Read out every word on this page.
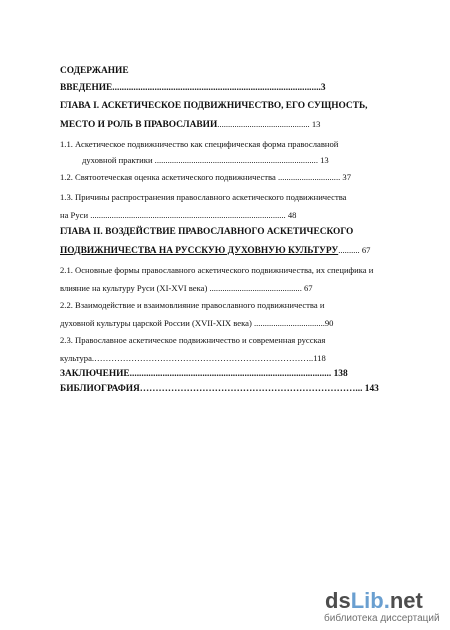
СОДЕРЖАНИЕ
ВВЕДЕНИЕ.........................................................................................3
ГЛАВА I. АСКЕТИЧЕСКОЕ ПОДВИЖНИЧЕСТВО, ЕГО СУЩНОСТЬ,
МЕСТО И РОЛЬ В ПРАВОСЛАВИИ........................................... 13
1.1. Аскетическое подвижничество как специфическая форма православной
духовной практики ............................................................................ 13
1.2. Святоотеческая оценка аскетического подвижничества ............................. 37
1.3. Причины распространения православного аскетического подвижничества
на Руси ........................................................................................... 48
ГЛАВА II. ВОЗДЕЙСТВИЕ ПРАВОСЛАВНОГО АСКЕТИЧЕСКОГО
ПОДВИЖНИЧЕСТВА НА РУССКУЮ ДУХОВНУЮ КУЛЬТУРУ.......... 67
2.1. Основные формы православного аскетического подвижничества, их специфика и
влияние на культуру Руси (XI-XVI века) ........................................... 67
2.2. Взаимодействие и взаимовлияние православного подвижничества и
духовной культуры царской России (XVII-XIX века) .................................90
2.3. Православное аскетическое подвижничество и современная русская
культура.…………………………………………………………………..118
ЗАКЛЮЧЕНИЕ...................................................................................... 138
БИБЛИОГРАФИЯ……………………………………………………………... 143
dsLib.net
библиотека диссертаций
